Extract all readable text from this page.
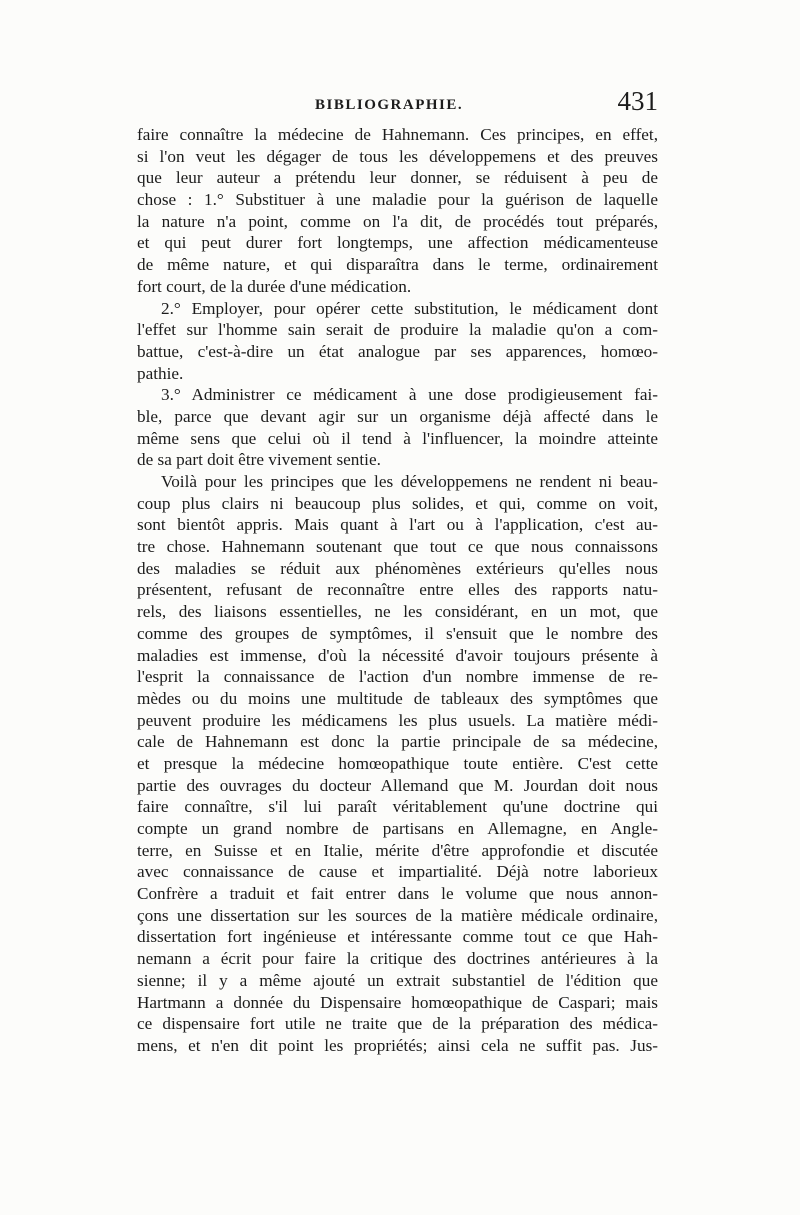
BIBLIOGRAPHIE.	431
faire connaître la médecine de Hahnemann. Ces principes, en effet,
si l'on veut les dégager de tous les développemens et des preuves
que leur auteur a prétendu leur donner, se réduisent à peu de
chose : 1.° Substituer à une maladie pour la guérison de laquelle
la nature n'a point, comme on l'a dit, de procédés tout préparés,
et qui peut durer fort longtemps, une affection médicamenteuse
de même nature, et qui disparaîtra dans le terme, ordinairement
fort court, de la durée d'une médication.
2.° Employer, pour opérer cette substitution, le médicament dont
l'effet sur l'homme sain serait de produire la maladie qu'on a com-
battue, c'est-à-dire un état analogue par ses apparences, homœo-
pathie.
3.° Administrer ce médicament à une dose prodigieusement fai-
ble, parce que devant agir sur un organisme déjà affecté dans le
même sens que celui où il tend à l'influencer, la moindre atteinte
de sa part doit être vivement sentie.
Voilà pour les principes que les développemens ne rendent ni beau-
coup plus clairs ni beaucoup plus solides, et qui, comme on voit,
sont bientôt appris. Mais quant à l'art ou à l'application, c'est au-
tre chose. Hahnemann soutenant que tout ce que nous connaissons
des maladies se réduit aux phénomènes extérieurs qu'elles nous
présentent, refusant de reconnaître entre elles des rapports natu-
rels, des liaisons essentielles, ne les considérant, en un mot, que
comme des groupes de symptômes, il s'ensuit que le nombre des
maladies est immense, d'où la nécessité d'avoir toujours présente à
l'esprit la connaissance de l'action d'un nombre immense de re-
mèdes ou du moins une multitude de tableaux des symptômes que
peuvent produire les médicamens les plus usuels. La matière médi-
cale de Hahnemann est donc la partie principale de sa médecine,
et presque la médecine homœopathique toute entière. C'est cette
partie des ouvrages du docteur Allemand que M. Jourdan doit nous
faire connaître, s'il lui paraît véritablement qu'une doctrine qui
compte un grand nombre de partisans en Allemagne, en Angle-
terre, en Suisse et en Italie, mérite d'être approfondie et discutée
avec connaissance de cause et impartialité. Déjà notre laborieux
Confrère a traduit et fait entrer dans le volume que nous annon-
çons une dissertation sur les sources de la matière médicale ordinaire,
dissertation fort ingénieuse et intéressante comme tout ce que Hah-
nemann a écrit pour faire la critique des doctrines antérieures à la
sienne; il y a même ajouté un extrait substantiel de l'édition que
Hartmann a donnée du Dispensaire homœopathique de Caspari; mais
ce dispensaire fort utile ne traite que de la préparation des médica-
mens, et n'en dit point les propriétés; ainsi cela ne suffit pas. Jus-
